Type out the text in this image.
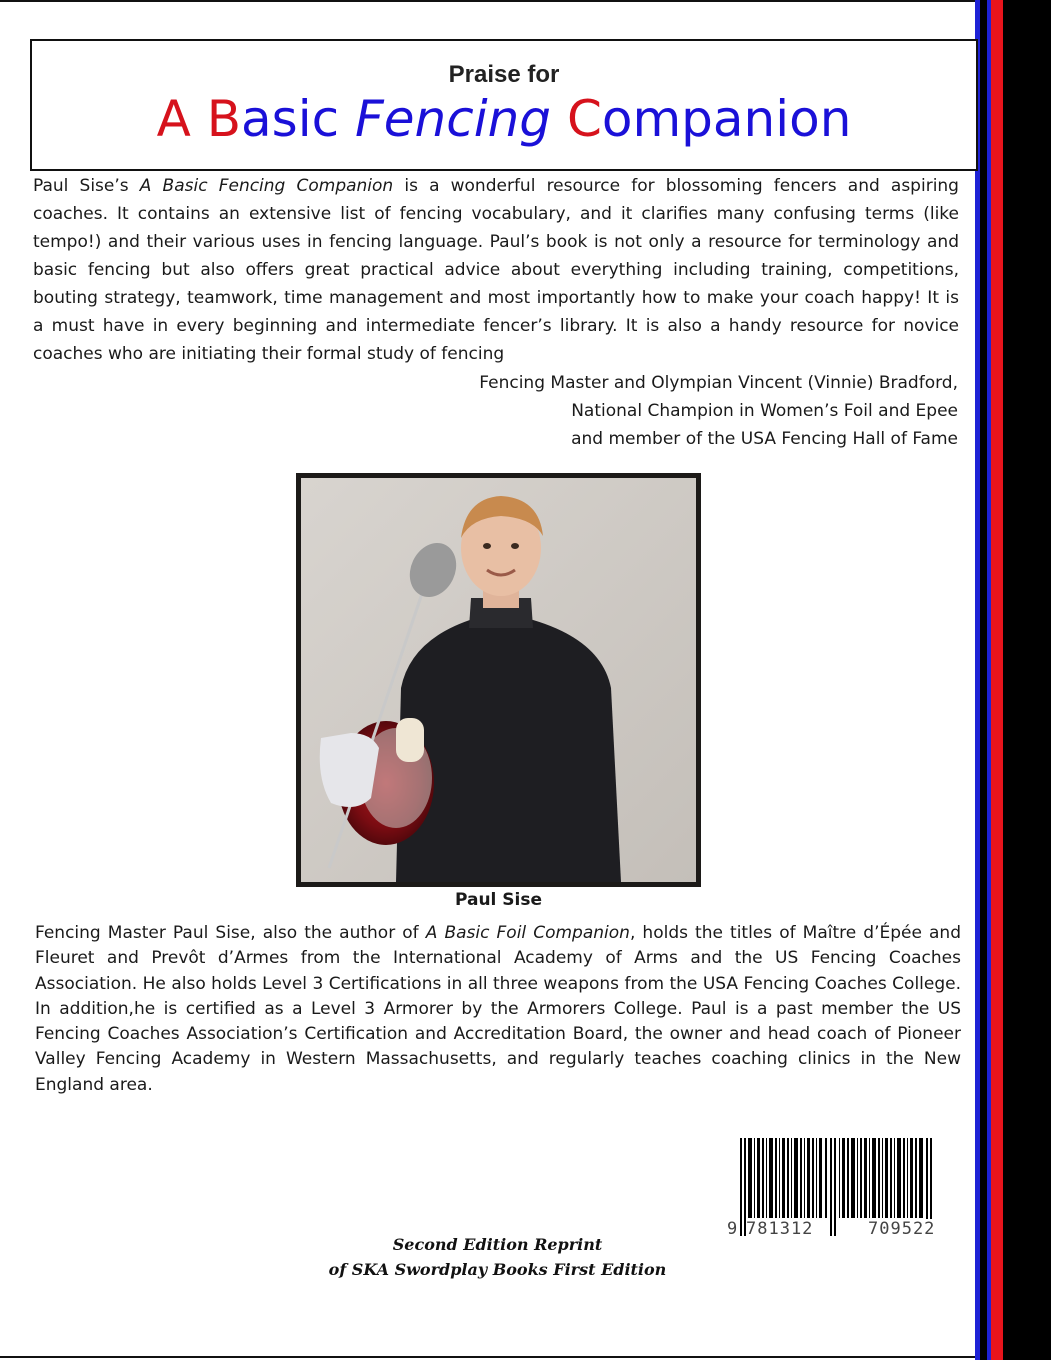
Praise for
A Basic Fencing Companion
Paul Sise’s A Basic Fencing Companion is a wonderful resource for blossoming fencers and aspiring coaches. It contains an extensive list of fencing vocabulary, and it clarifies many confusing terms (like tempo!) and their various uses in fencing language. Paul’s book is not only a resource for terminology and basic fencing but also offers great practical advice about everything including training, competitions, bouting strategy, teamwork, time management and most importantly how to make your coach happy! It is a must have in every beginning and intermediate fencer’s library. It is also a handy resource for novice coaches who are initiating their formal study of fencing
Fencing Master and Olympian Vincent (Vinnie) Bradford,
National Champion in Women’s Foil and Epee
and member of the USA Fencing Hall of Fame
Paul Sise
Fencing Master Paul Sise, also the author of A Basic Foil Companion, holds the titles of Maître d’Épée and Fleuret and Prevôt d’Armes from the International Academy of Arms and the US Fencing Coaches Association. He also holds Level 3 Certifications in all three weapons from the USA Fencing Coaches College. In addition,he is certified as a Level 3 Armorer by the Armorers College. Paul is a past member the US Fencing Coaches Association’s Certification and Accreditation Board, the owner and head coach of Pioneer Valley Fencing Academy in Western Massachusetts, and regularly teaches coaching clinics in the New England area.
9 781312	709522
Second Edition Reprint
of SKA Swordplay Books First Edition
